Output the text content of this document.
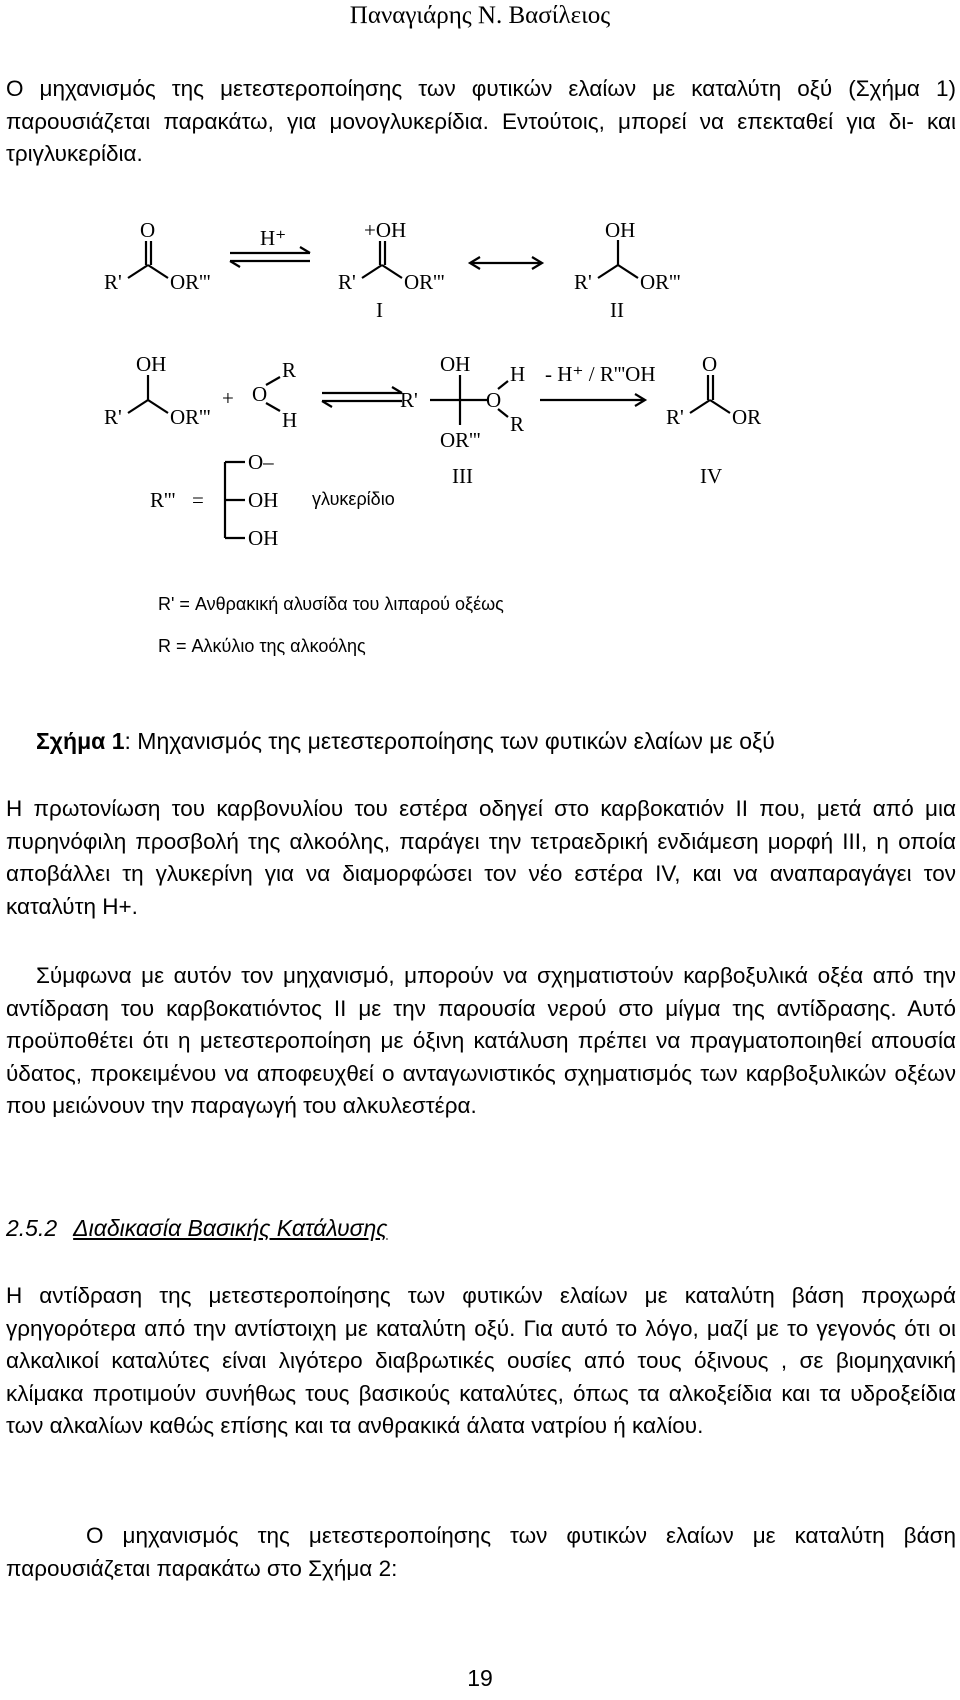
Παναγιάρης Ν. Βασίλειος

Ο μηχανισμός της μετεστεροποίησης των φυτικών ελαίων με καταλύτη οξύ (Σχήμα 1) παρουσιάζεται παρακάτω, για μονογλυκερίδια. Εντούτοις, μπορεί να επεκταθεί για δι- και τριγλυκερίδια.

O
R' OR'''
H⁺	+OH
R' OR'''
I
OH
R' OR'''
II
OH
R' OR'''
+ O
R
H
OH
R'
OR'''
O
H
R
III
- H⁺ / R'''OH O
R' OR
IV
R''' =
O–
OH
OH
γλυκερίδιο
R' = Ανθρακική αλυσίδα του λιπαρού οξέως
R = Αλκύλιο της αλκοόλης
Σχήμα 1: Μηχανισμός της μετεστεροποίησης των φυτικών ελαίων με οξύ

Η πρωτονίωση του καρβονυλίου του εστέρα οδηγεί στο καρβοκατιόν II που, μετά από μια πυρηνόφιλη προσβολή της αλκοόλης, παράγει την τετραεδρική ενδιάμεση μορφή III, η οποία αποβάλλει τη γλυκερίνη για να διαμορφώσει τον νέο εστέρα IV, και να αναπαραγάγει τον καταλύτη H+.

Σύμφωνα με αυτόν τον μηχανισμό, μπορούν να σχηματιστούν καρβοξυλικά οξέα από την αντίδραση του καρβοκατιόντος II με την παρουσία νερού στο μίγμα της αντίδρασης. Αυτό προϋποθέτει ότι η μετεστεροποίηση με όξινη κατάλυση πρέπει να πραγματοποιηθεί απουσία ύδατος, προκειμένου να αποφευχθεί ο ανταγωνιστικός σχηματισμός των καρβοξυλικών οξέων που μειώνουν την παραγωγή του αλκυλεστέρα.

2.5.2 Διαδικασία Βασικής Κατάλυσης

Η αντίδραση της μετεστεροποίησης των φυτικών ελαίων με καταλύτη βάση προχωρά γρηγορότερα από την αντίστοιχη με καταλύτη οξύ. Για αυτό το λόγο, μαζί με το γεγονός ότι οι αλκαλικοί καταλύτες είναι λιγότερο διαβρωτικές ουσίες από τους όξινους , σε βιομηχανική κλίμακα προτιμούν συνήθως τους βασικούς καταλύτες, όπως τα αλκοξείδια και τα υδροξείδια των αλκαλίων καθώς επίσης και τα ανθρακικά άλατα νατρίου ή καλίου.

Ο μηχανισμός της μετεστεροποίησης των φυτικών ελαίων με καταλύτη βάση παρουσιάζεται παρακάτω στο Σχήμα 2:

19
